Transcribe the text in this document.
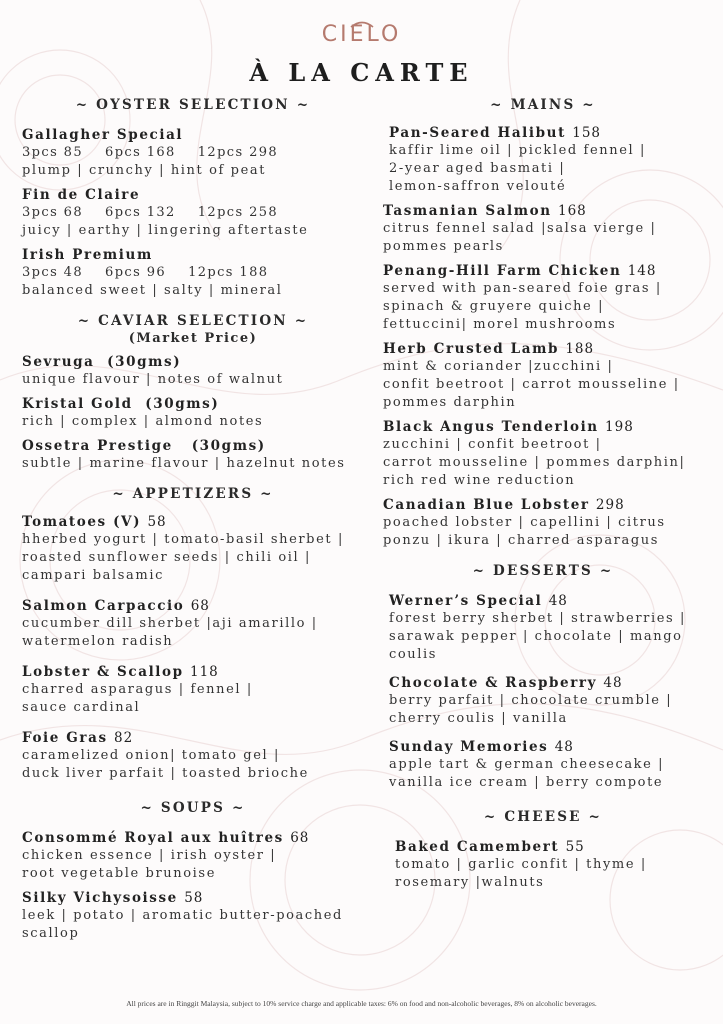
CIELO
À LA CARTE
~ OYSTER SELECTION ~
Gallagher Special
3pcs 85 6pcs 168 12pcs 298
plump | crunchy | hint of peat
Fin de Claire
3pcs 68 6pcs 132 12pcs 258
juicy | earthy | lingering aftertaste
Irish Premium
3pcs 48 6pcs 96 12pcs 188
balanced sweet | salty | mineral
~ CAVIAR SELECTION ~
(Market Price)
Sevruga  (30gms)
unique flavour | notes of walnut
Kristal Gold  (30gms)
rich | complex | almond notes
Ossetra Prestige   (30gms)
subtle | marine flavour | hazelnut notes
~ APPETIZERS ~
Tomatoes (V) 58
hherbed yogurt | tomato-basil sherbet |
roasted sunflower seeds | chili oil |
campari balsamic
Salmon Carpaccio 68
cucumber dill sherbet |aji amarillo |
watermelon radish
Lobster & Scallop 118
charred asparagus | fennel |
sauce cardinal
Foie Gras 82
caramelized onion| tomato gel |
duck liver parfait | toasted brioche
~ SOUPS ~
Consommé Royal aux huîtres 68
chicken essence | irish oyster |
root vegetable brunoise
Silky Vichysoisse 58
leek | potato | aromatic butter-poached
scallop
~ MAINS ~
Pan-Seared Halibut 158
kaffir lime oil | pickled fennel |
2-year aged basmati |
lemon-saffron velouté
Tasmanian Salmon 168
citrus fennel salad |salsa vierge |
pommes pearls
Penang-Hill Farm Chicken 148
served with pan-seared foie gras |
spinach & gruyere quiche |
fettuccini| morel mushrooms
Herb Crusted Lamb 188
mint & coriander |zucchini |
confit beetroot | carrot mousseline |
pommes darphin
Black Angus Tenderloin 198
zucchini | confit beetroot |
carrot mousseline | pommes darphin|
rich red wine reduction
Canadian Blue Lobster 298
poached lobster | capellini | citrus
ponzu | ikura | charred asparagus
~ DESSERTS ~
Werner’s Special 48
forest berry sherbet | strawberries |
sarawak pepper | chocolate | mango
coulis
Chocolate & Raspberry 48
berry parfait | chocolate crumble |
cherry coulis | vanilla
Sunday Memories 48
apple tart & german cheesecake |
vanilla ice cream | berry compote
~ CHEESE ~
Baked Camembert 55
tomato | garlic confit | thyme |
rosemary |walnuts
All prices are in Ringgit Malaysia, subject to 10% service charge and applicable taxes: 6% on food and non-alcoholic beverages, 8% on alcoholic beverages.
